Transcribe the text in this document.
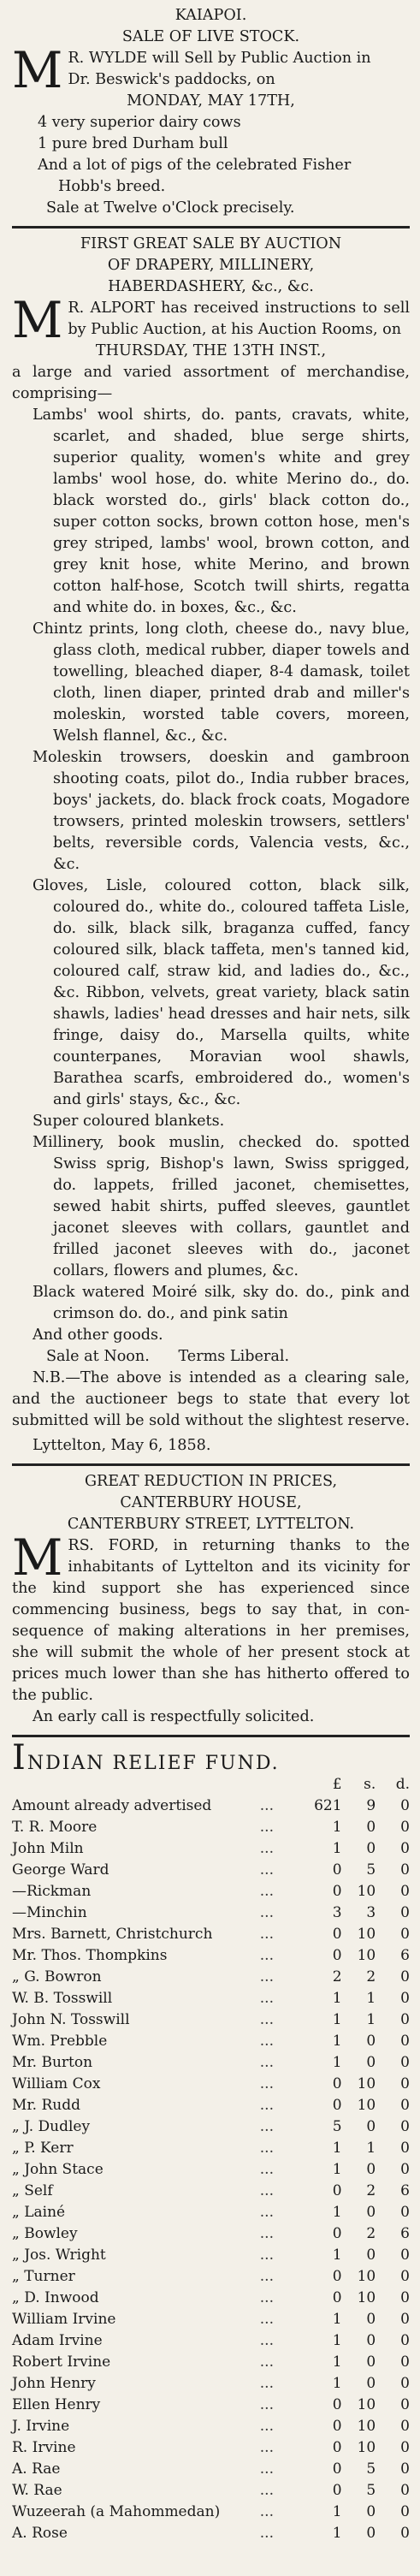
KAIAPOI.
SALE OF LIVE STOCK.
M R. WYLDE will Sell by Public Auction in
Dr. Beswick's paddocks, on
MONDAY, MAY 17TH,
4 very superior dairy cows
1 pure bred Durham bull
And a lot of pigs of the celebrated Fisher
Hobb's breed.
Sale at Twelve o'Clock precisely.
FIRST GREAT SALE BY AUCTION
OF DRAPERY, MILLINERY,
HABERDASHERY, &c., &c.
M R. ALPORT has received instructions to sell by Public Auction, at his Auction Rooms, on
THURSDAY, THE 13TH INST.,
a large and varied assortment of merchandise, comprising—
Lambs' wool shirts, do. pants, cravats, white, scarlet, and shaded, blue serge shirts, superior quality, women's white and grey lambs' wool hose, do. white Merino do., do. black worsted do., girls' black cotton do., super cotton socks, brown cotton hose, men's grey striped, lambs' wool, brown cotton, and grey knit hose, white Merino, and brown cotton half-hose, Scotch twill shirts, regatta and white do. in boxes, &c., &c.
Chintz prints, long cloth, cheese do., navy blue, glass cloth, medical rubber, diaper towels and towelling, bleached diaper, 8-4 damask, toilet cloth, linen diaper, printed drab and miller's moleskin, worsted table covers, moreen, Welsh flannel, &c., &c.
Moleskin trowsers, doeskin and gambroon shooting coats, pilot do., India rubber braces, boys' jackets, do. black frock coats, Mogadore trowsers, printed moleskin trowsers, settlers' belts, reversible cords, Valencia vests, &c., &c.
Gloves, Lisle, coloured cotton, black silk, coloured do., white do., coloured taffeta Lisle, do. silk, black silk, braganza cuffed, fancy coloured silk, black taffeta, men's tanned kid, coloured calf, straw kid, and ladies do., &c., &c. Ribbon, velvets, great variety, black satin shawls, ladies' head dresses and hair nets, silk fringe, daisy do., Marsella quilts, white counterpanes, Moravian wool shawls, Barathea scarfs, embroidered do., women's and girls' stays, &c., &c.
Super coloured blankets.
Millinery, book muslin, checked do. spotted Swiss sprig, Bishop's lawn, Swiss sprigged, do. lappets, frilled jaconet, chemisettes, sewed habit shirts, puffed sleeves, gauntlet jaconet sleeves with collars, gauntlet and frilled jaconet sleeves with do., jaconet collars, flowers and plumes, &c.
Black watered Moiré silk, sky do. do., pink and crimson do. do., and pink satin
And other goods.
Sale at Noon. Terms Liberal.
N.B.—The above is intended as a clearing sale, and the auctioneer begs to state that every lot submitted will be sold without the slightest reserve.
Lyttelton, May 6, 1858.
GREAT REDUCTION IN PRICES,
CANTERBURY HOUSE,
CANTERBURY STREET, LYTTELTON.
M RS. FORD, in returning thanks to the inhabitants of Lyttelton and its vicinity for the kind support she has experienced since commencing business, begs to say that, in consequence of making alterations in her premises, she will submit the whole of her present stock at prices much lower than she has hitherto offered to the public.
An early call is respectfully solicited.
INDIAN RELIEF FUND.
		£	s.	d.
Amount already advertised	...	621	9	0
T. R. Moore	...	1	0	0
John Miln	...	1	0	0
George Ward	...	0	5	0
—Rickman	...	0	10	0
—Minchin	...	3	3	0
Mrs. Barnett, Christchurch	...	0	10	0
Mr. Thos. Thompkins	...	0	10	6
„ G. Bowron	...	2	2	0
W. B. Tosswill	...	1	1	0
John N. Tosswill	...	1	1	0
Wm. Prebble	...	1	0	0
Mr. Burton	...	1	0	0
William Cox	...	0	10	0
Mr. Rudd	...	0	10	0
„ J. Dudley	...	5	0	0
„ P. Kerr	...	1	1	0
„ John Stace	...	1	0	0
„ Self	...	0	2	6
„ Lainé	...	1	0	0
„ Bowley	...	0	2	6
„ Jos. Wright	...	1	0	0
„ Turner	...	0	10	0
„ D. Inwood	...	0	10	0
William Irvine	...	1	0	0
Adam Irvine	...	1	0	0
Robert Irvine	...	1	0	0
John Henry	...	1	0	0
Ellen Henry	...	0	10	0
J. Irvine	...	0	10	0
R. Irvine	...	0	10	0
A. Rae	...	0	5	0
W. Rae	...	0	5	0
Wuzeerah (a Mahommedan)	...	1	0	0
A. Rose	...	1	0	0
